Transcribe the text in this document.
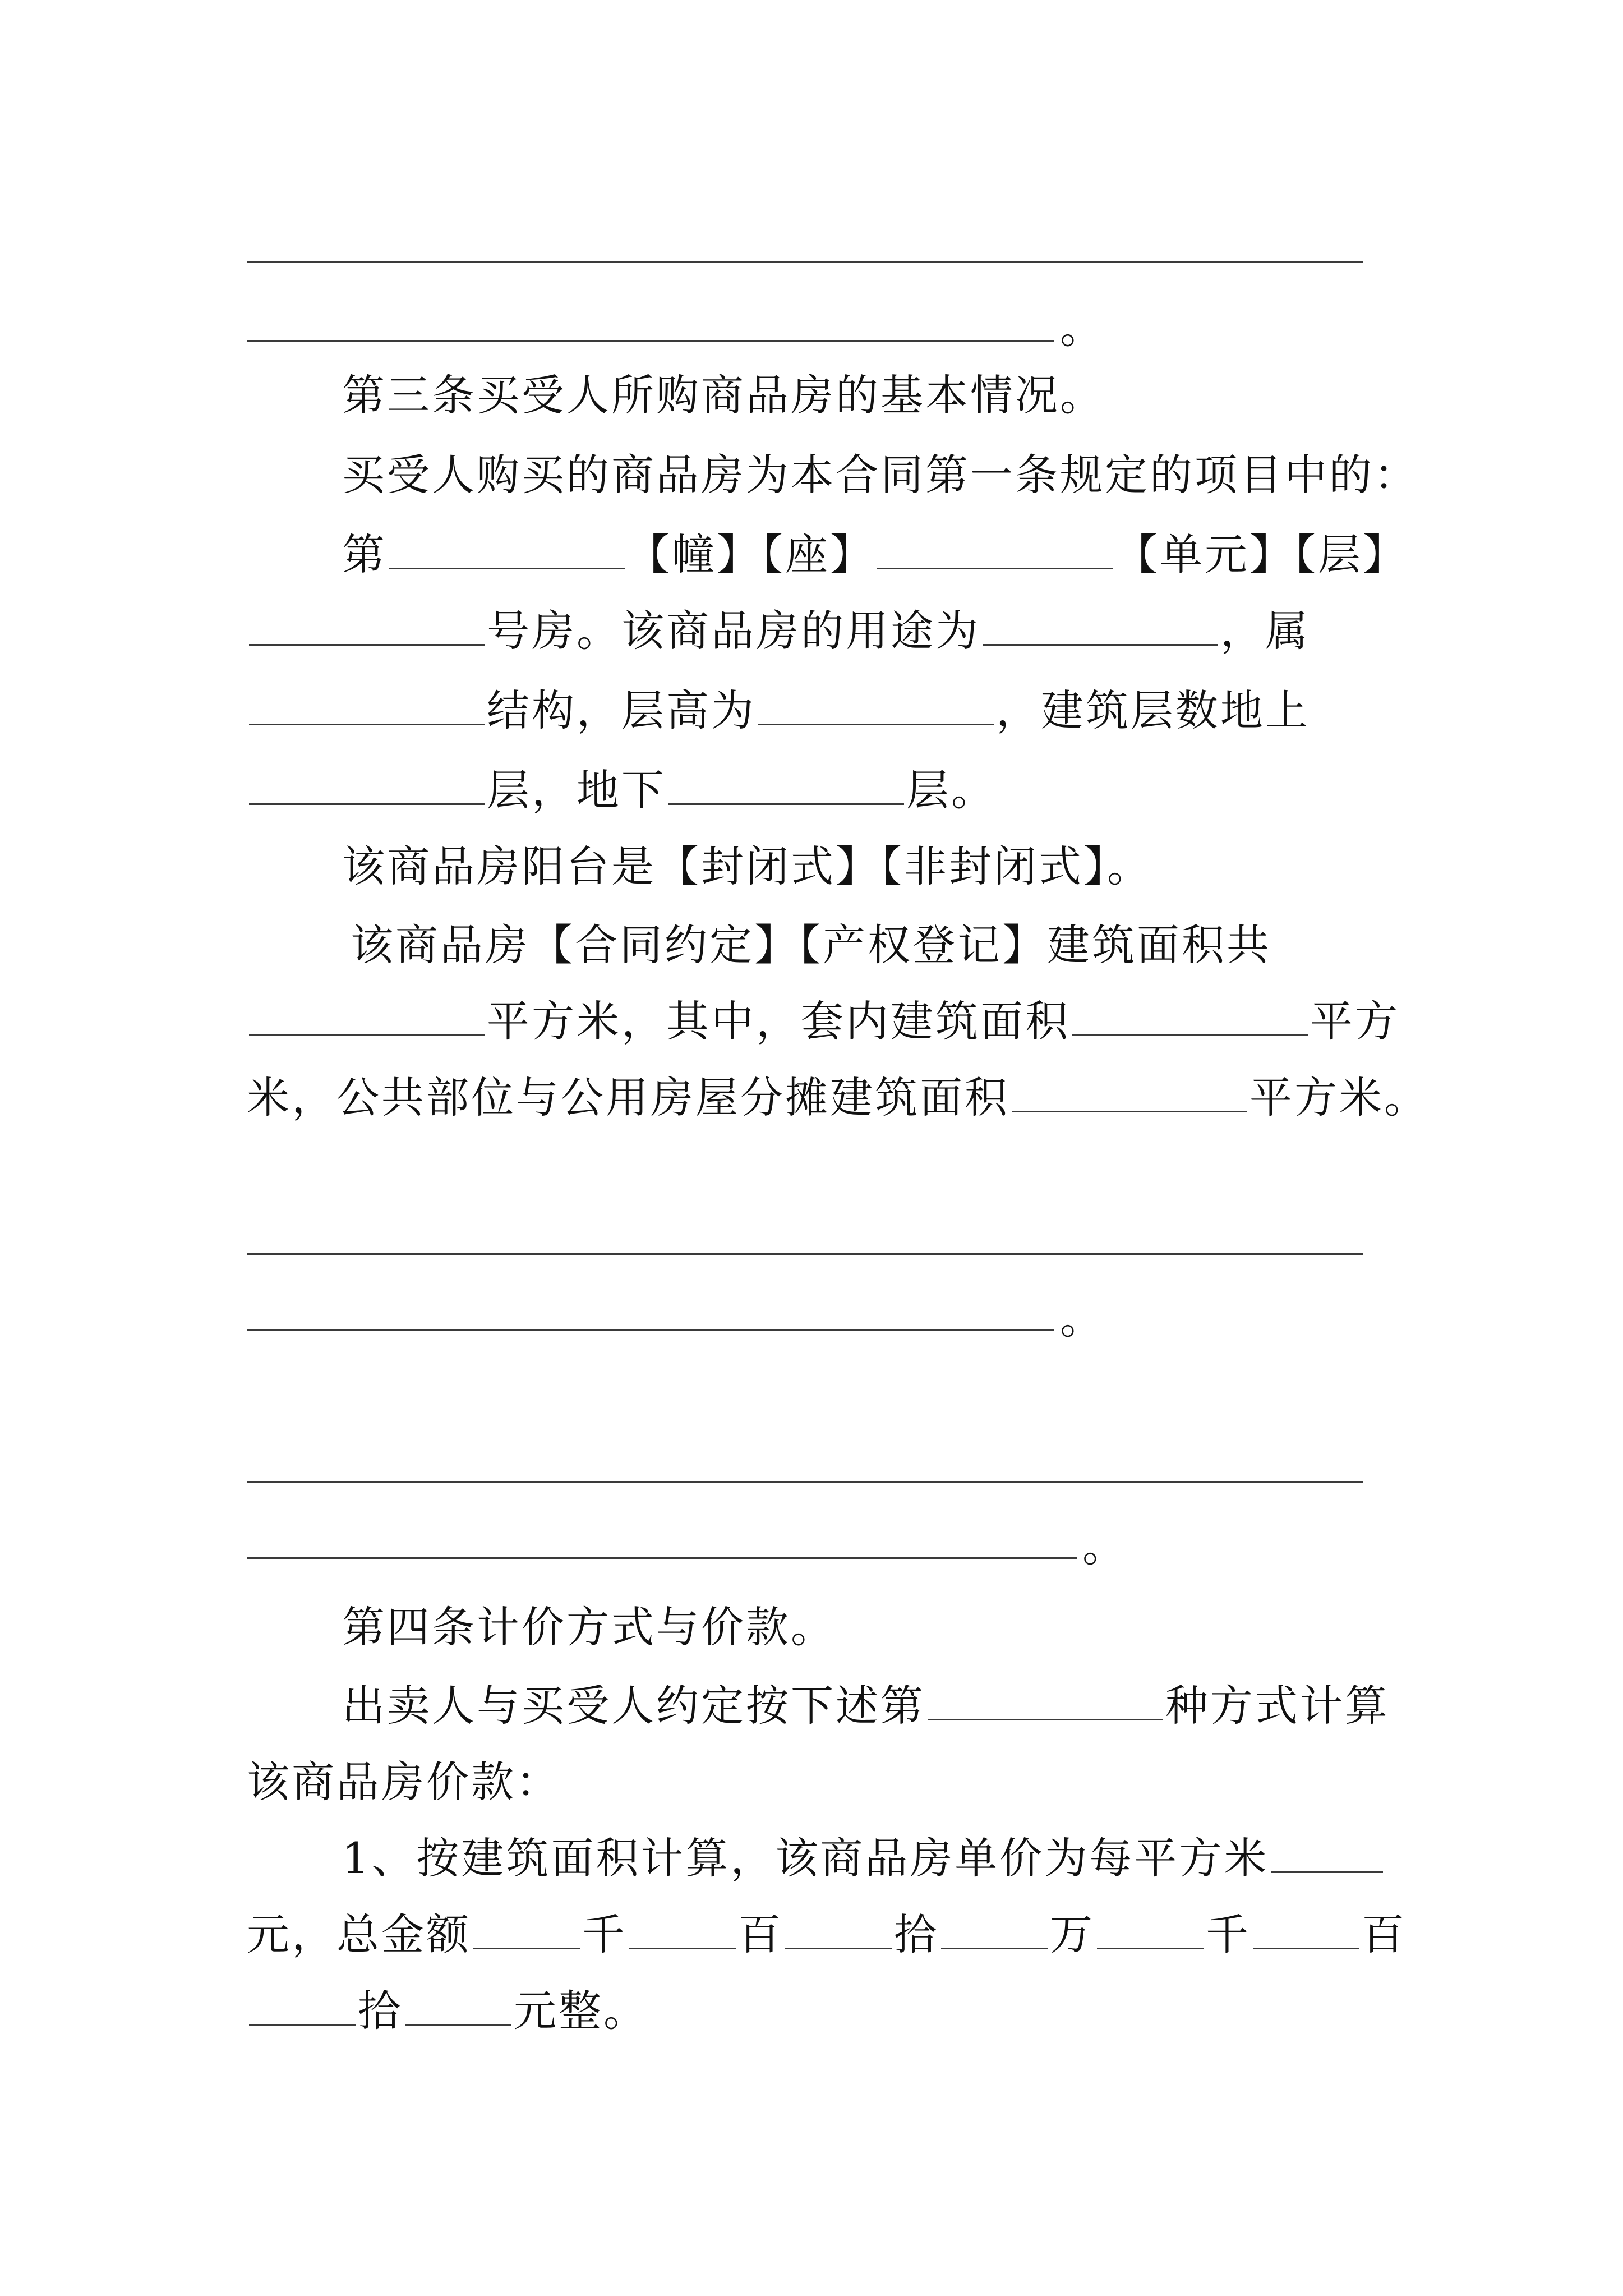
。
第三条买受人所购商品房的基本情况。
买受人购买的商品房为本合同第一条规定的项目中的：
第	【幢】【座】	【单元】【层】
号房。该商品房的用途为	，属
结构，层高为	，建筑层数地上
层，地下	层。
该商品房阳台是【封闭式】【非封闭式】。
该商品房【合同约定】【产权登记】建筑面积共
平方米，其中，套内建筑面积	平方
米，公共部位与公用房屋分摊建筑面积	平方米。
。
。
第四条计价方式与价款。
出卖人与买受人约定按下述第	种方式计算
该商品房价款：
1、按建筑面积计算，该商品房单价为每平方米
元，总金额	千	百	拾	万	千	百
拾	元整。
